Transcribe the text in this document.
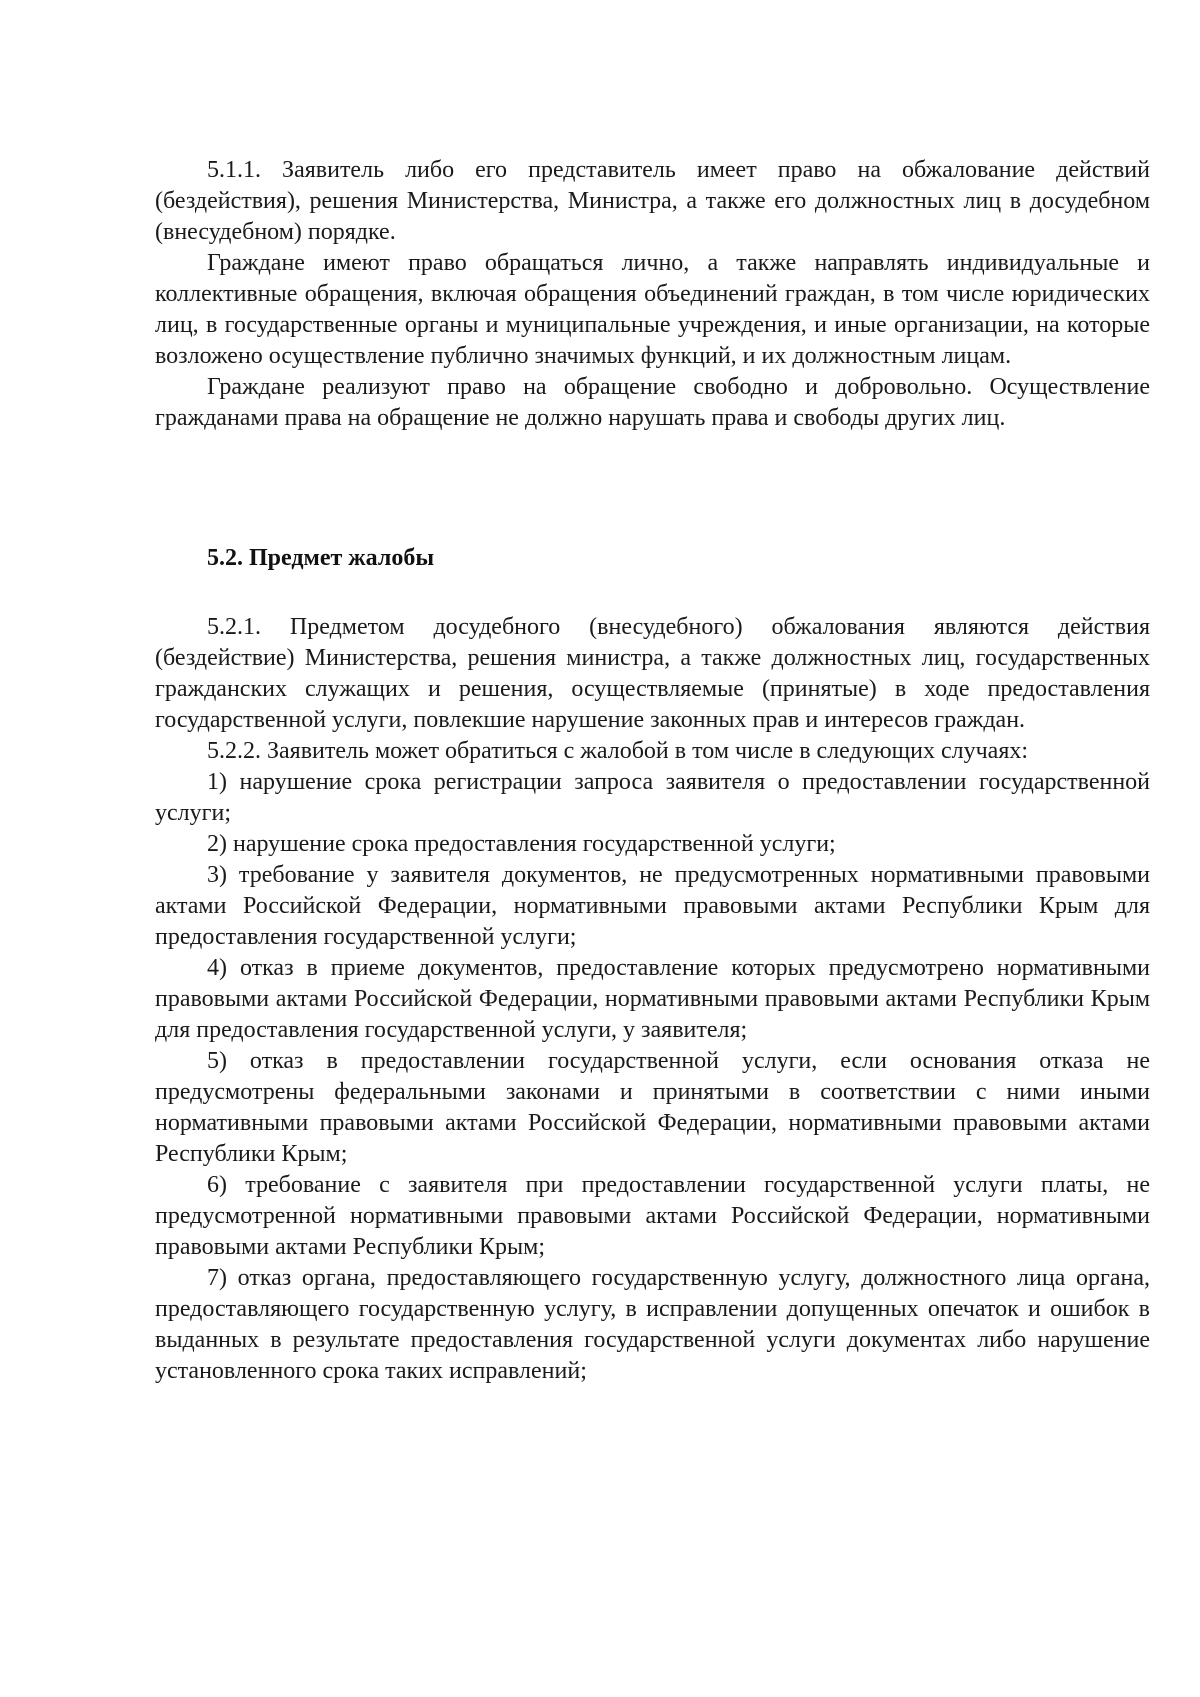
5.1.1. Заявитель либо его представитель имеет право на обжалование действий (бездействия), решения Министерства, Министра, а также его должностных лиц в досудебном (внесудебном) порядке.

Граждане имеют право обращаться лично, а также направлять индивидуальные и коллективные обращения, включая обращения объединений граждан, в том числе юридических лиц, в государственные органы и муниципальные учреждения, и иные организации, на которые возложено осуществление публично значимых функций, и их должностным лицам.

Граждане реализуют право на обращение свободно и добровольно. Осуществление гражданами права на обращение не должно нарушать права и свободы других лиц.

5.2. Предмет жалобы

5.2.1. Предметом досудебного (внесудебного) обжалования являются действия (бездействие) Министерства, решения министра, а также должностных лиц, государственных гражданских служащих и решения, осуществляемые (принятые) в ходе предоставления государственной услуги, повлекшие нарушение законных прав и интересов граждан.

5.2.2. Заявитель может обратиться с жалобой в том числе в следующих случаях:

1) нарушение срока регистрации запроса заявителя о предоставлении государственной услуги;

2) нарушение срока предоставления государственной услуги;

3) требование у заявителя документов, не предусмотренных нормативными правовыми актами Российской Федерации, нормативными правовыми актами Республики Крым для предоставления государственной услуги;

4) отказ в приеме документов, предоставление которых предусмотрено нормативными правовыми актами Российской Федерации, нормативными правовыми актами Республики Крым для предоставления государственной услуги, у заявителя;

5) отказ в предоставлении государственной услуги, если основания отказа не предусмотрены федеральными законами и принятыми в соответствии с ними иными нормативными правовыми актами Российской Федерации, нормативными правовыми актами Республики Крым;

6) требование с заявителя при предоставлении государственной услуги платы, не предусмотренной нормативными правовыми актами Российской Федерации, нормативными правовыми актами Республики Крым;

7) отказ органа, предоставляющего государственную услугу, должностного лица органа, предоставляющего государственную услугу, в исправлении допущенных опечаток и ошибок в выданных в результате предоставления государственной услуги документах либо нарушение установленного срока таких исправлений;
